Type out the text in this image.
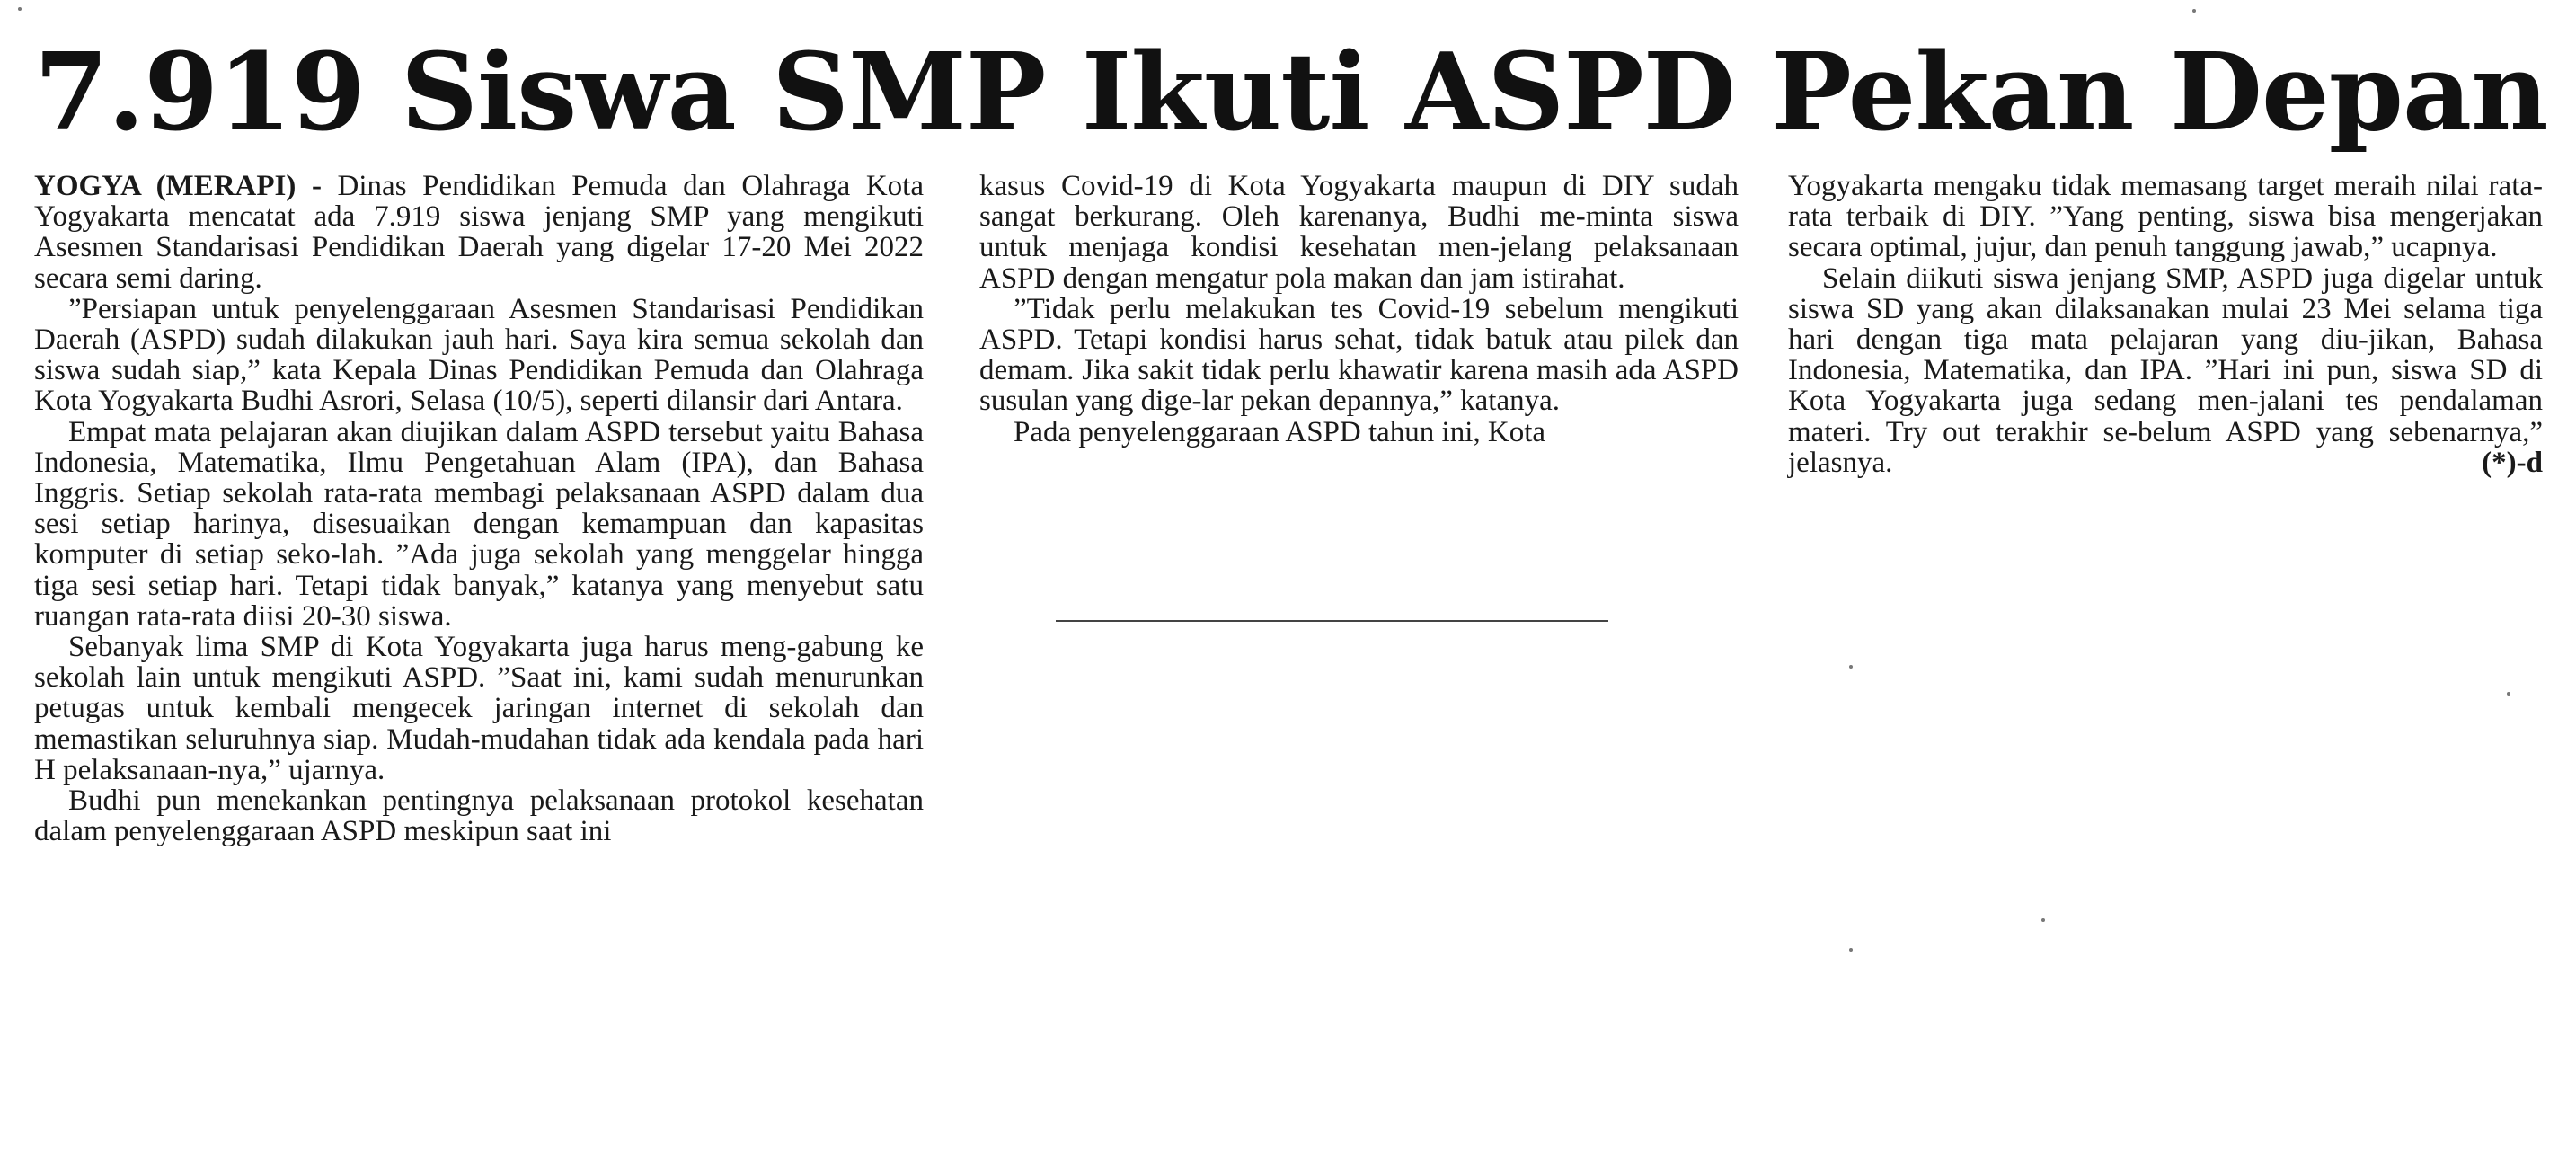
7.919 Siswa SMP Ikuti ASPD Pekan Depan

YOGYA (MERAPI) - Dinas Pendidikan Pemuda dan Olahraga Kota Yogyakarta mencatat ada 7.919 siswa jenjang SMP yang mengikuti Asesmen Standarisasi Pendidikan Daerah yang digelar 17-20 Mei 2022 secara semi daring.

”Persiapan untuk penyelenggaraan Asesmen Standarisasi Pendidikan Daerah (ASPD) sudah dilakukan jauh hari. Saya kira semua sekolah dan siswa sudah siap,” kata Kepala Dinas Pendidikan Pemuda dan Olahraga Kota Yogyakarta Budhi Asrori, Selasa (10/5), seperti dilansir dari Antara.

Empat mata pelajaran akan diujikan dalam ASPD tersebut yaitu Bahasa Indonesia, Matematika, Ilmu Pengetahuan Alam (IPA), dan Bahasa Inggris. Setiap sekolah rata-rata membagi pelaksanaan ASPD dalam dua sesi setiap harinya, disesuaikan dengan kemampuan dan kapasitas komputer di setiap seko-lah. ”Ada juga sekolah yang menggelar hingga tiga sesi setiap hari. Tetapi tidak banyak,” katanya yang menyebut satu ruangan rata-rata diisi 20-30 siswa.

Sebanyak lima SMP di Kota Yogyakarta juga harus meng-gabung ke sekolah lain untuk mengikuti ASPD. ”Saat ini, kami sudah menurunkan petugas untuk kembali mengecek jaringan internet di sekolah dan memastikan seluruhnya siap. Mudah-mudahan tidak ada kendala pada hari H pelaksanaan-nya,” ujarnya.

Budhi pun menekankan pentingnya pelaksanaan protokol kesehatan dalam penyelenggaraan ASPD meskipun saat ini

kasus Covid-19 di Kota Yogyakarta maupun di DIY sudah sangat berkurang. Oleh karenanya, Budhi me-minta siswa untuk menjaga kondisi kesehatan men-jelang pelaksanaan ASPD dengan mengatur pola makan dan jam istirahat.

”Tidak perlu melakukan tes Covid-19 sebelum mengikuti ASPD. Tetapi kondisi harus sehat, tidak batuk atau pilek dan demam. Jika sakit tidak perlu khawatir karena masih ada ASPD susulan yang dige-lar pekan depannya,” katanya.

Pada penyelenggaraan ASPD tahun ini, Kota

Yogyakarta mengaku tidak memasang target meraih nilai rata-rata terbaik di DIY. ”Yang penting, siswa bisa mengerjakan secara optimal, jujur, dan penuh tanggung jawab,” ucapnya.

Selain diikuti siswa jenjang SMP, ASPD juga digelar untuk siswa SD yang akan dilaksanakan mulai 23 Mei selama tiga hari dengan tiga mata pelajaran yang diu-jikan, Bahasa Indonesia, Matematika, dan IPA. ”Hari ini pun, siswa SD di Kota Yogyakarta juga sedang men-jalani tes pendalaman materi. Try out terakhir se-belum ASPD yang sebenarnya,” jelasnya.	(*)-d
